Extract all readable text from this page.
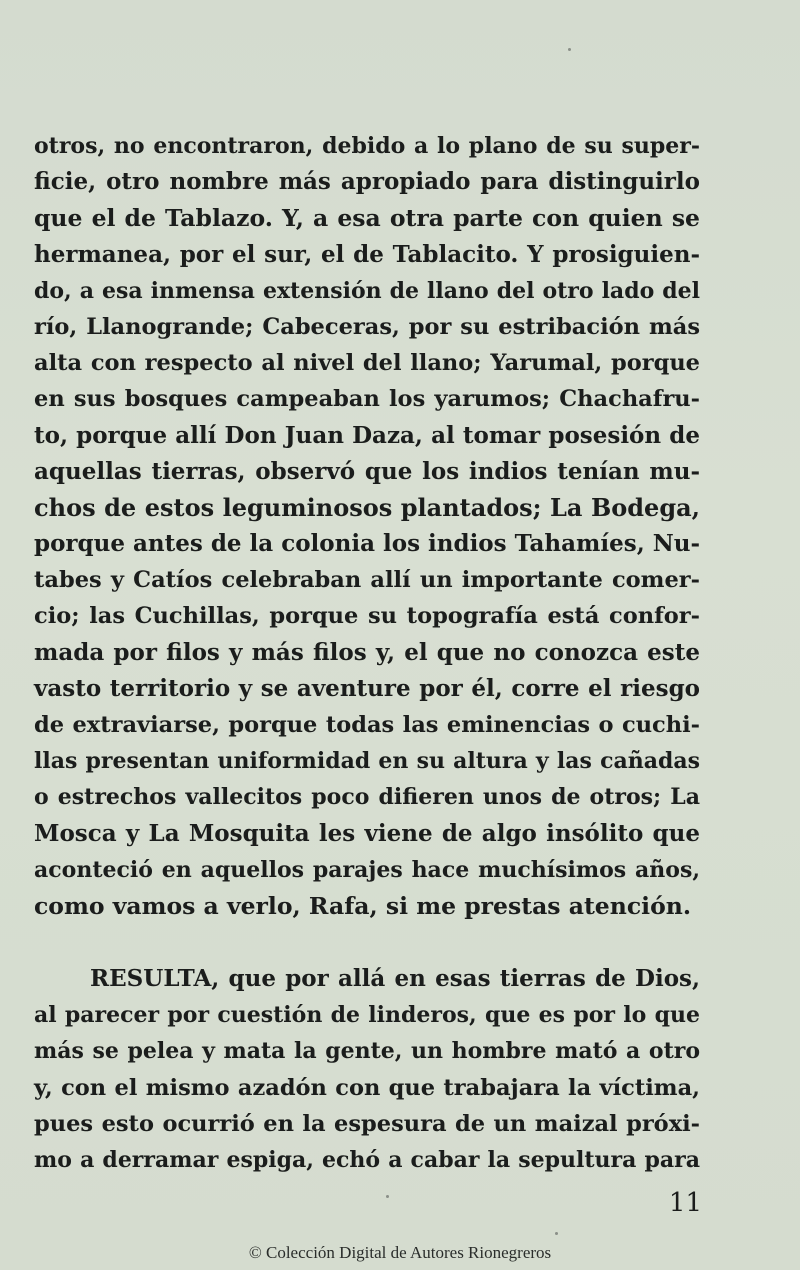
otros, no encontraron, debido a lo plano de su super-
ficie, otro nombre más apropiado para distinguirlo
que el de Tablazo. Y, a esa otra parte con quien se
hermanea, por el sur, el de Tablacito. Y prosiguien-
do, a esa inmensa extensión de llano del otro lado del
río, Llanogrande; Cabeceras, por su estribación más
alta con respecto al nivel del llano; Yarumal, porque
en sus bosques campeaban los yarumos; Chachafru-
to, porque allí Don Juan Daza, al tomar posesión de
aquellas tierras, observó que los indios tenían mu-
chos de estos leguminosos plantados; La Bodega,
porque antes de la colonia los indios Tahamíes, Nu-
tabes y Catíos celebraban allí un importante comer-
cio; las Cuchillas, porque su topografía está confor-
mada por filos y más filos y, el que no conozca este
vasto territorio y se aventure por él, corre el riesgo
de extraviarse, porque todas las eminencias o cuchi-
llas presentan uniformidad en su altura y las cañadas
o estrechos vallecitos poco difieren unos de otros; La
Mosca y La Mosquita les viene de algo insólito que
aconteció en aquellos parajes hace muchísimos años,
como vamos a verlo, Rafa, si me prestas atención.
RESULTA, que por allá en esas tierras de Dios,
al parecer por cuestión de linderos, que es por lo que
más se pelea y mata la gente, un hombre mató a otro
y, con el mismo azadón con que trabajara la víctima,
pues esto ocurrió en la espesura de un maizal próxi-
mo a derramar espiga, echó a cabar la sepultura para
11
© Colección Digital de Autores Rionegreros
